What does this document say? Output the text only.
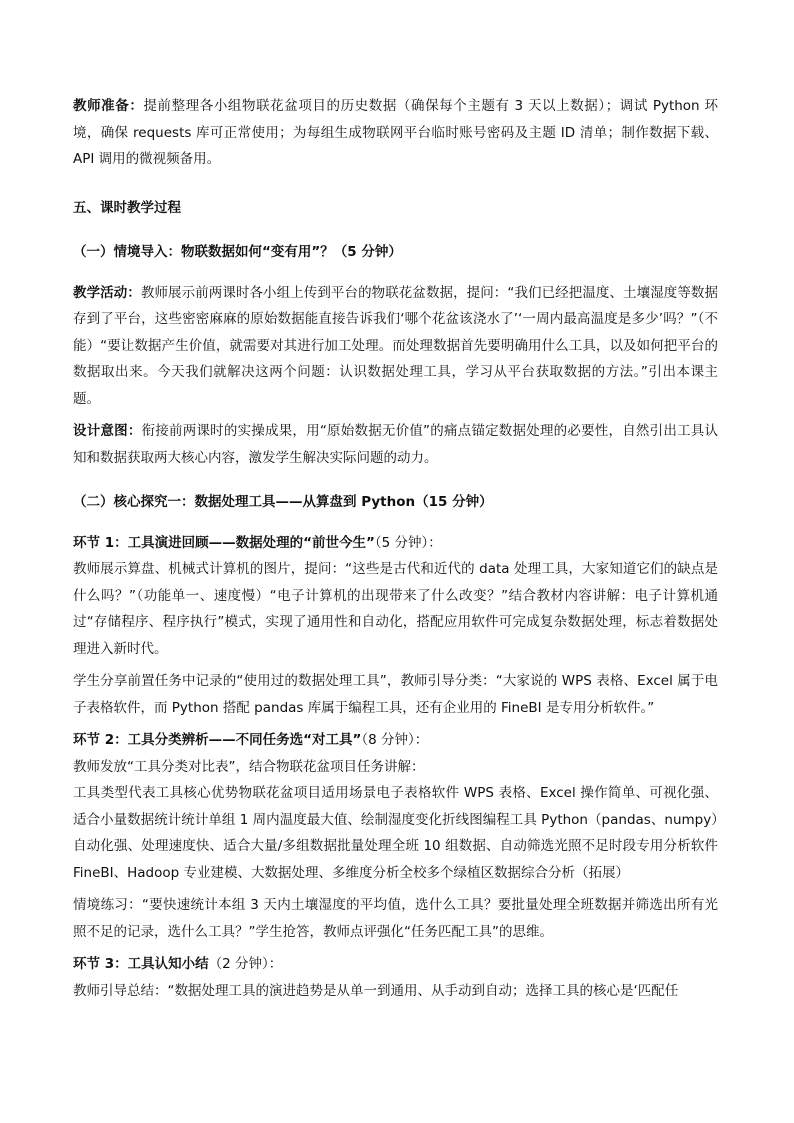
教师准备：提前整理各小组物联花盆项目的历史数据（确保每个主题有 3 天以上数据）；调试 Python 环境，确保 requests 库可正常使用；为每组生成物联网平台临时账号密码及主题 ID 清单；制作数据下载、API 调用的微视频备用。

五、课时教学过程

（一）情境导入：物联数据如何“变有用”？（5 分钟）

教学活动：教师展示前两课时各小组上传到平台的物联花盆数据，提问：“我们已经把温度、土壤湿度等数据存到了平台，这些密密麻麻的原始数据能直接告诉我们‘哪个花盆该浇水了’‘一周内最高温度是多少’吗？”（不能）“要让数据产生价值，就需要对其进行加工处理。而处理数据首先要明确用什么工具，以及如何把平台的数据取出来。今天我们就解决这两个问题：认识数据处理工具，学习从平台获取数据的方法。”引出本课主题。

设计意图：衔接前两课时的实操成果，用“原始数据无价值”的痛点锚定数据处理的必要性，自然引出工具认知和数据获取两大核心内容，激发学生解决实际问题的动力。

（二）核心探究一：数据处理工具——从算盘到 Python（15 分钟）

环节 1：工具演进回顾——数据处理的“前世今生”（5 分钟）：

教师展示算盘、机械式计算机的图片，提问：“这些是古代和近代的 data 处理工具，大家知道它们的缺点是什么吗？”（功能单一、速度慢）“电子计算机的出现带来了什么改变？”结合教材内容讲解：电子计算机通过“存储程序、程序执行”模式，实现了通用性和自动化，搭配应用软件可完成复杂数据处理，标志着数据处理进入新时代。

学生分享前置任务中记录的“使用过的数据处理工具”，教师引导分类：“大家说的 WPS 表格、Excel 属于电子表格软件，而 Python 搭配 pandas 库属于编程工具，还有企业用的 FineBI 是专用分析软件。”

环节 2：工具分类辨析——不同任务选“对工具”（8 分钟）：

教师发放“工具分类对比表”，结合物联花盆项目任务讲解：

工具类型代表工具核心优势物联花盆项目适用场景电子表格软件 WPS 表格、Excel 操作简单、可视化强、适合小量数据统计统计单组 1 周内温度最大值、绘制湿度变化折线图编程工具 Python（pandas、numpy）自动化强、处理速度快、适合大量/多组数据批量处理全班 10 组数据、自动筛选光照不足时段专用分析软件 FineBI、Hadoop 专业建模、大数据处理、多维度分析全校多个绿植区数据综合分析（拓展）

情境练习：“要快速统计本组 3 天内土壤湿度的平均值，选什么工具？要批量处理全班数据并筛选出所有光照不足的记录，选什么工具？”学生抢答，教师点评强化“任务匹配工具”的思维。

环节 3：工具认知小结（2 分钟）：

教师引导总结：“数据处理工具的演进趋势是从单一到通用、从手动到自动；选择工具的核心是‘匹配任
